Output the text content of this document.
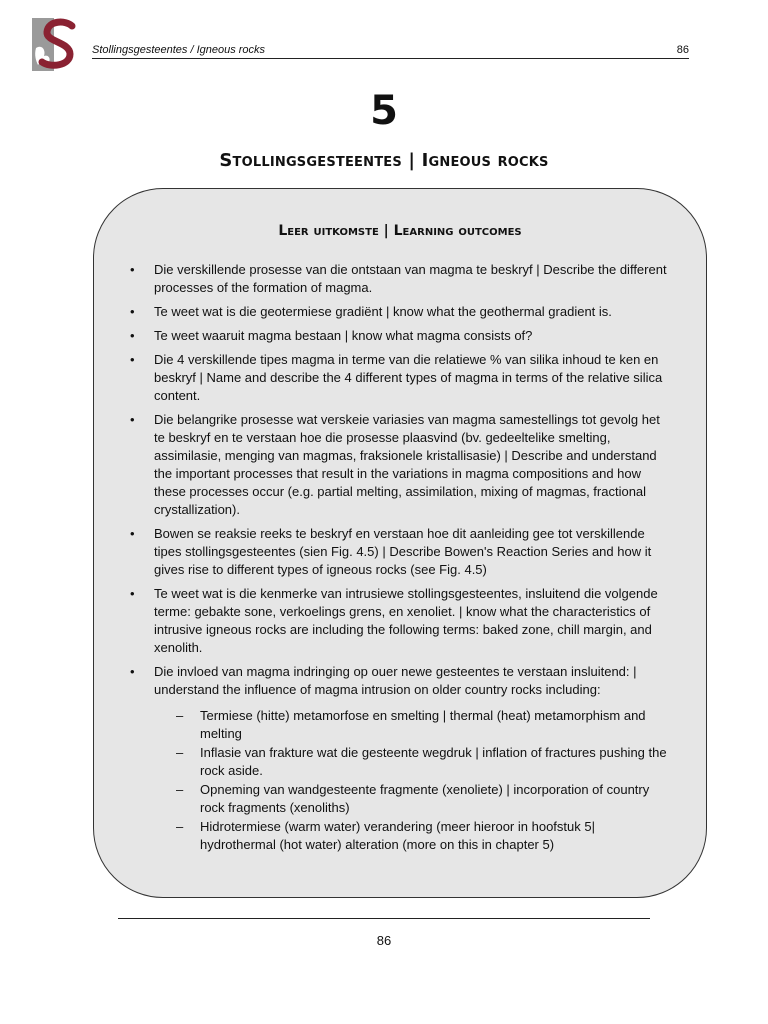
Stollingsgesteentes / Igneous rocks	86
5
Stollingsgesteentes | Igneous rocks
Leer uitkomste | Learning outcomes
• Die verskillende prosesse van die ontstaan van magma te beskryf | Describe the different processes of the formation of magma.
• Te weet wat is die geotermiese gradiënt | know what the geothermal gradient is.
• Te weet waaruit magma bestaan | know what magma consists of?
• Die 4 verskillende tipes magma in terme van die relatiewe % van silika inhoud te ken en beskryf | Name and describe the 4 different types of magma in terms of the relative silica content.
• Die belangrike prosesse wat verskeie variasies van magma samestellings tot gevolg het te beskryf en te verstaan hoe die prosesse plaasvind (bv. gedeeltelike smelting, assimilasie, menging van magmas, fraksionele kristallisasie) | Describe and understand the important processes that result in the variations in magma compositions and how these processes occur (e.g. partial melting, assimilation, mixing of magmas, fractional crystallization).
• Bowen se reaksie reeks te beskryf en verstaan hoe dit aanleiding gee tot verskillende tipes stollingsgesteentes (sien Fig. 4.5) | Describe Bowen's Reaction Series and how it gives rise to different types of igneous rocks (see Fig. 4.5)
• Te weet wat is die kenmerke van intrusiewe stollingsgesteentes, insluitend die volgende terme: gebakte sone, verkoelings grens, en xenoliet. | know what the characteristics of intrusive igneous rocks are including the following terms: baked zone, chill margin, and xenolith.
• Die invloed van magma indringing op ouer newe gesteentes te verstaan insluitend: | understand the influence of magma intrusion on older country rocks including:
– Termiese (hitte) metamorfose en smelting | thermal (heat) metamorphism and melting
– Inflasie van frakture wat die gesteente wegdruk | inflation of fractures pushing the rock aside.
– Opneming van wandgesteente fragmente (xenoliete) | incorporation of country rock fragments (xenoliths)
– Hidrotermiese (warm water) verandering (meer hieroor in hoofstuk 5| hydrothermal (hot water) alteration (more on this in chapter 5)
86
